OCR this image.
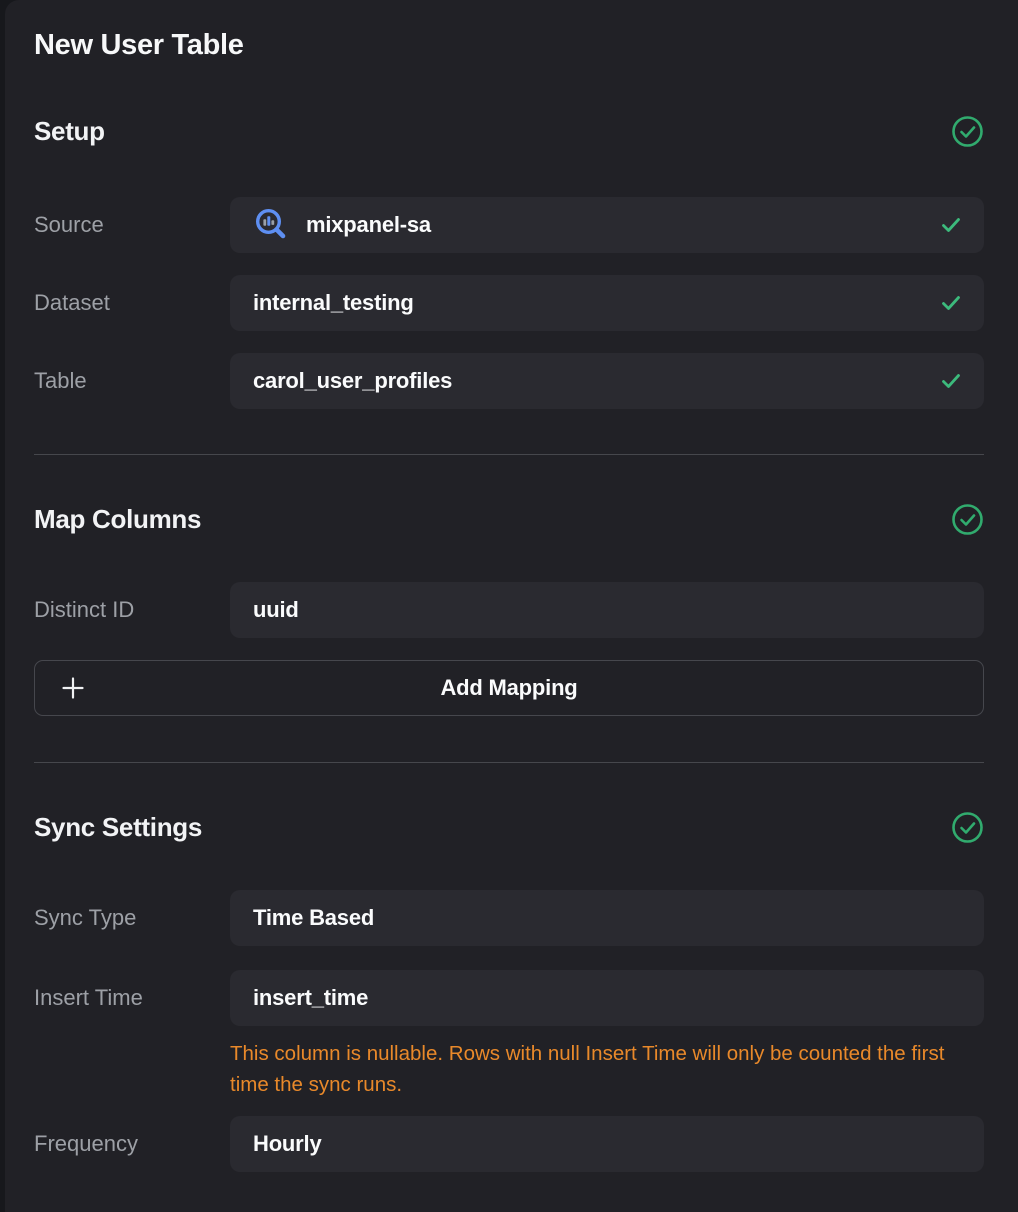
New User Table
Setup
Source	mixpanel-sa
Dataset	internal_testing
Table	carol_user_profiles
Map Columns
Distinct ID	uuid
Add Mapping
Sync Settings
Sync Type	Time Based
Insert Time	insert_time
This column is nullable. Rows with null Insert Time will only be counted the first time the sync runs.
Frequency	Hourly
